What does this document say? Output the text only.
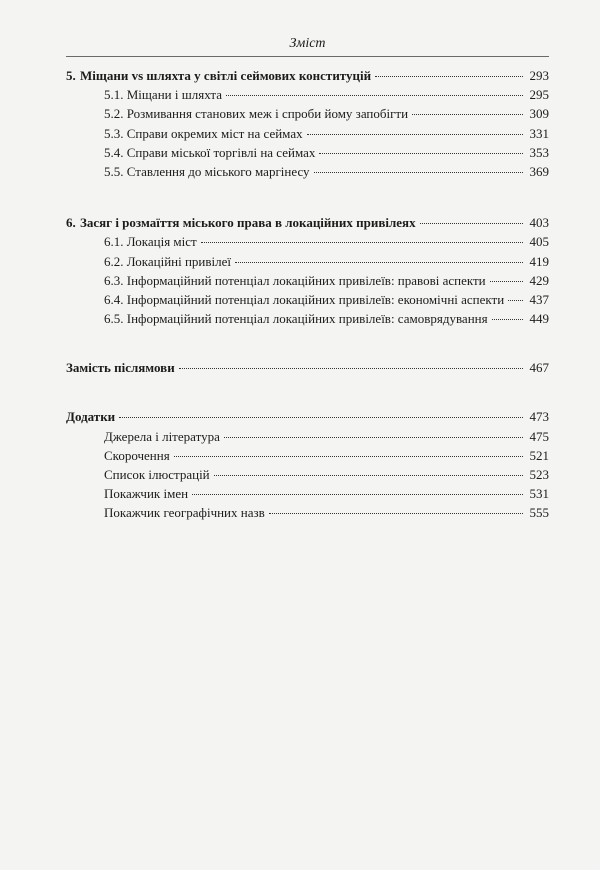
Зміст
5. Міщани vs шляхта у світлі сеймових конституцій	293
5.1. Міщани і шляхта	295
5.2. Розмивання станових меж і спроби йому запобігти	309
5.3. Справи окремих міст на сеймах	331
5.4. Справи міської торгівлі на сеймах	353
5.5. Ставлення до міського маргінесу	369
6. Засяг і розмаїття міського права в локаційних привілеях	403
6.1. Локація міст	405
6.2. Локаційні привілеї	419
6.3. Інформаційний потенціал локаційних привілеїв: правові аспекти	429
6.4. Інформаційний потенціал локаційних привілеїв: економічні аспекти 437
6.5. Інформаційний потенціал локаційних привілеїв: самоврядування	449
Замість післямови	467
Додатки	473
Джерела і література	475
Скорочення	521
Список ілюстрацій	523
Покажчик імен	531
Покажчик географічних назв	555
